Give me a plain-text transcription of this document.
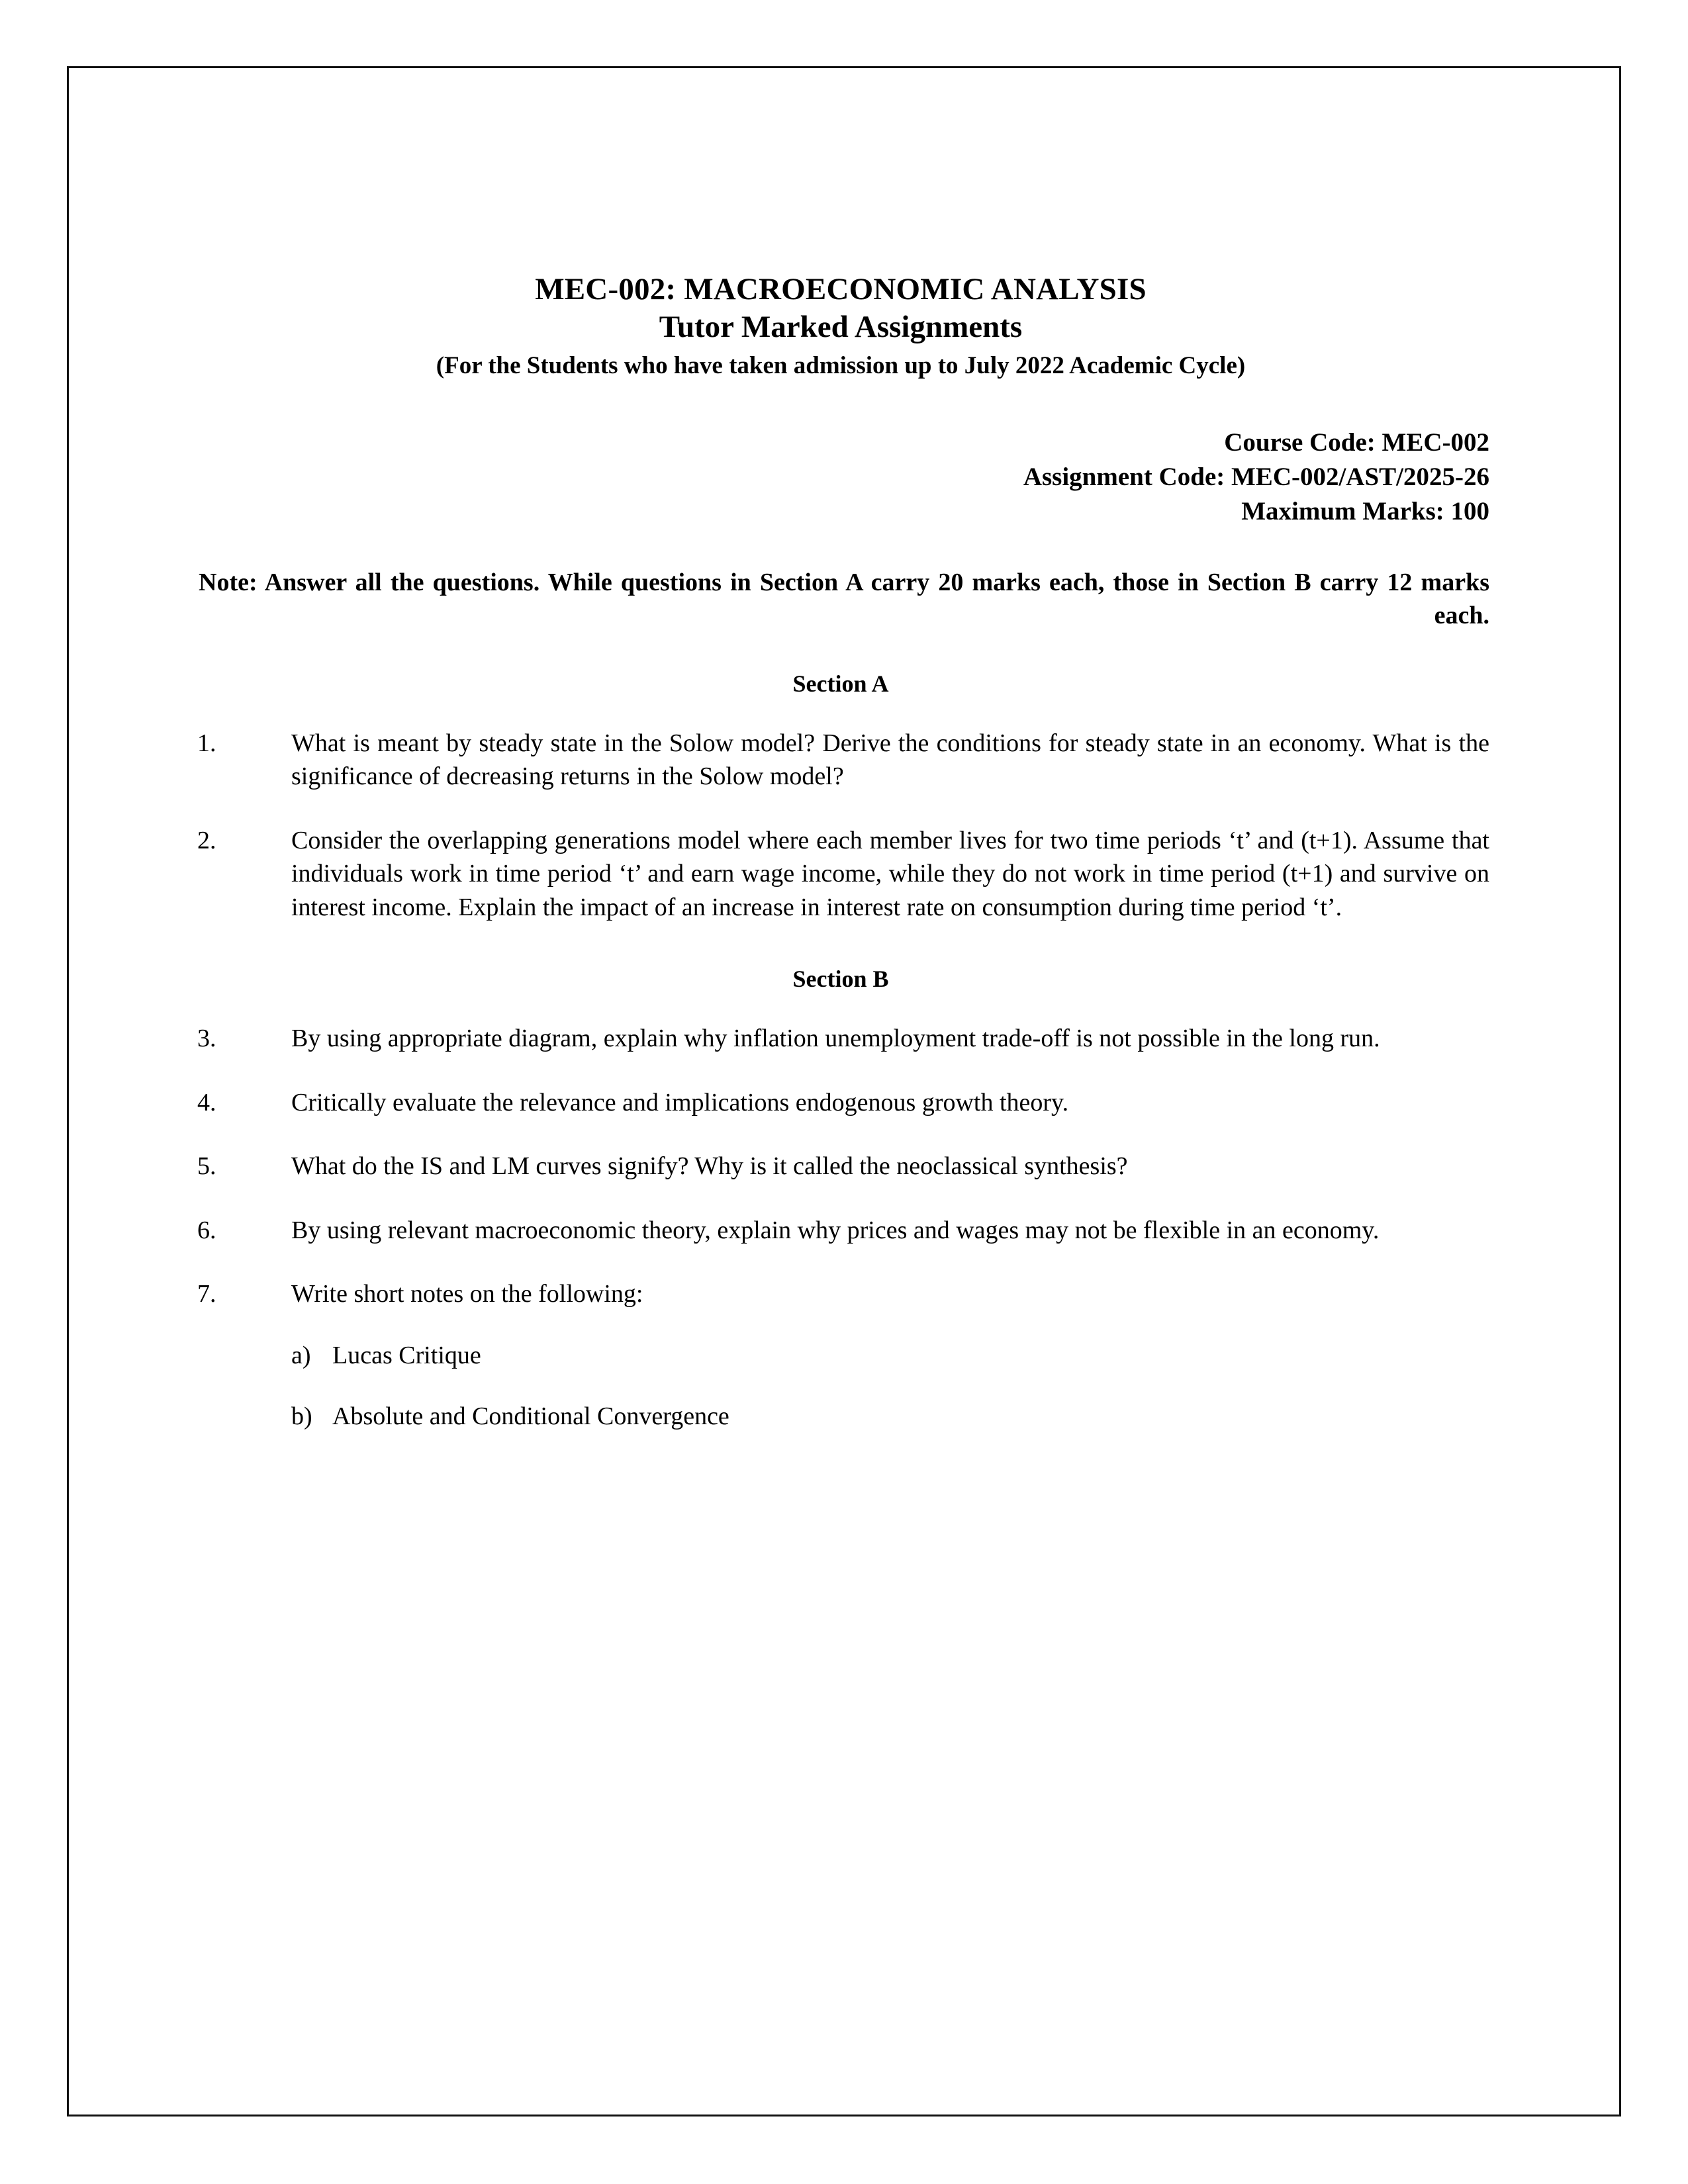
MEC-002: MACROECONOMIC ANALYSIS
Tutor Marked Assignments
(For the Students who have taken admission up to July 2022 Academic Cycle)
Course Code: MEC-002
Assignment Code: MEC-002/AST/2025-26
Maximum Marks: 100
Note: Answer all the questions. While questions in Section A carry 20 marks each, those in Section B carry 12 marks each.
Section A
1.	What is meant by steady state in the Solow model? Derive the conditions for steady state in an economy. What is the significance of decreasing returns in the Solow model?
2.	Consider the overlapping generations model where each member lives for two time periods ‘t’ and (t+1). Assume that individuals work in time period ‘t’ and earn wage income, while they do not work in time period (t+1) and survive on interest income. Explain the impact of an increase in interest rate on consumption during time period ‘t’.
Section B
3.	By using appropriate diagram, explain why inflation unemployment trade-off is not possible in the long run.
4.	Critically evaluate the relevance and implications endogenous growth theory.
5.	What do the IS and LM curves signify? Why is it called the neoclassical synthesis?
6.	By using relevant macroeconomic theory, explain why prices and wages may not be flexible in an economy.
7.	Write short notes on the following:
a) Lucas Critique
b) Absolute and Conditional Convergence
